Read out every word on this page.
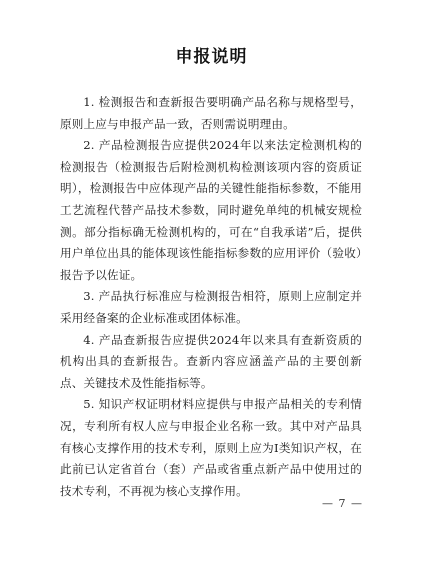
申报说明

1. 检测报告和查新报告要明确产品名称与规格型号，原则上应与申报产品一致，否则需说明理由。

2. 产品检测报告应提供2024年以来法定检测机构的检测报告（检测报告后附检测机构检测该项内容的资质证明），检测报告中应体现产品的关键性能指标参数，不能用工艺流程代替产品技术参数，同时避免单纯的机械安规检测。部分指标确无检测机构的，可在“自我承诺”后，提供用户单位出具的能体现该性能指标参数的应用评价（验收）报告予以佐证。

3. 产品执行标准应与检测报告相符，原则上应制定并采用经备案的企业标准或团体标准。

4. 产品查新报告应提供2024年以来具有查新资质的机构出具的查新报告。查新内容应涵盖产品的主要创新点、关键技术及性能指标等。

5. 知识产权证明材料应提供与申报产品相关的专利情况，专利所有权人应与申报企业名称一致。其中对产品具有核心支撑作用的技术专利，原则上应为Ⅰ类知识产权，在此前已认定省首台（套）产品或省重点新产品中使用过的技术专利，不再视为核心支撑作用。

— 7 —
